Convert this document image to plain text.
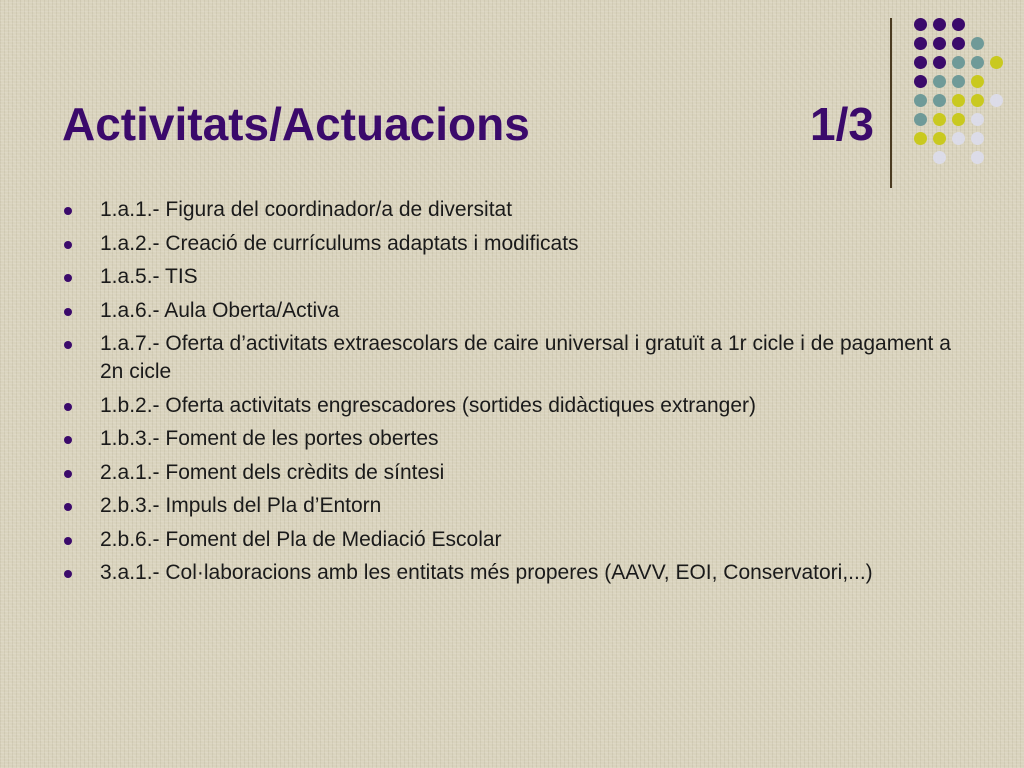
Activitats/Actuacions	1/3
1.a.1.- Figura del coordinador/a de diversitat
1.a.2.- Creació de currículums adaptats i modificats
1.a.5.- TIS
1.a.6.- Aula Oberta/Activa
1.a.7.- Oferta d’activitats extraescolars de caire universal i gratuït a 1r cicle i de pagament a 2n cicle
1.b.2.- Oferta activitats engrescadores (sortides didàctiques extranger)
1.b.3.- Foment de les portes obertes
2.a.1.- Foment dels crèdits de síntesi
2.b.3.- Impuls del Pla d’Entorn
2.b.6.- Foment del Pla de Mediació Escolar
3.a.1.- Col·laboracions amb les entitats més properes (AAVV, EOI, Conservatori,...)
